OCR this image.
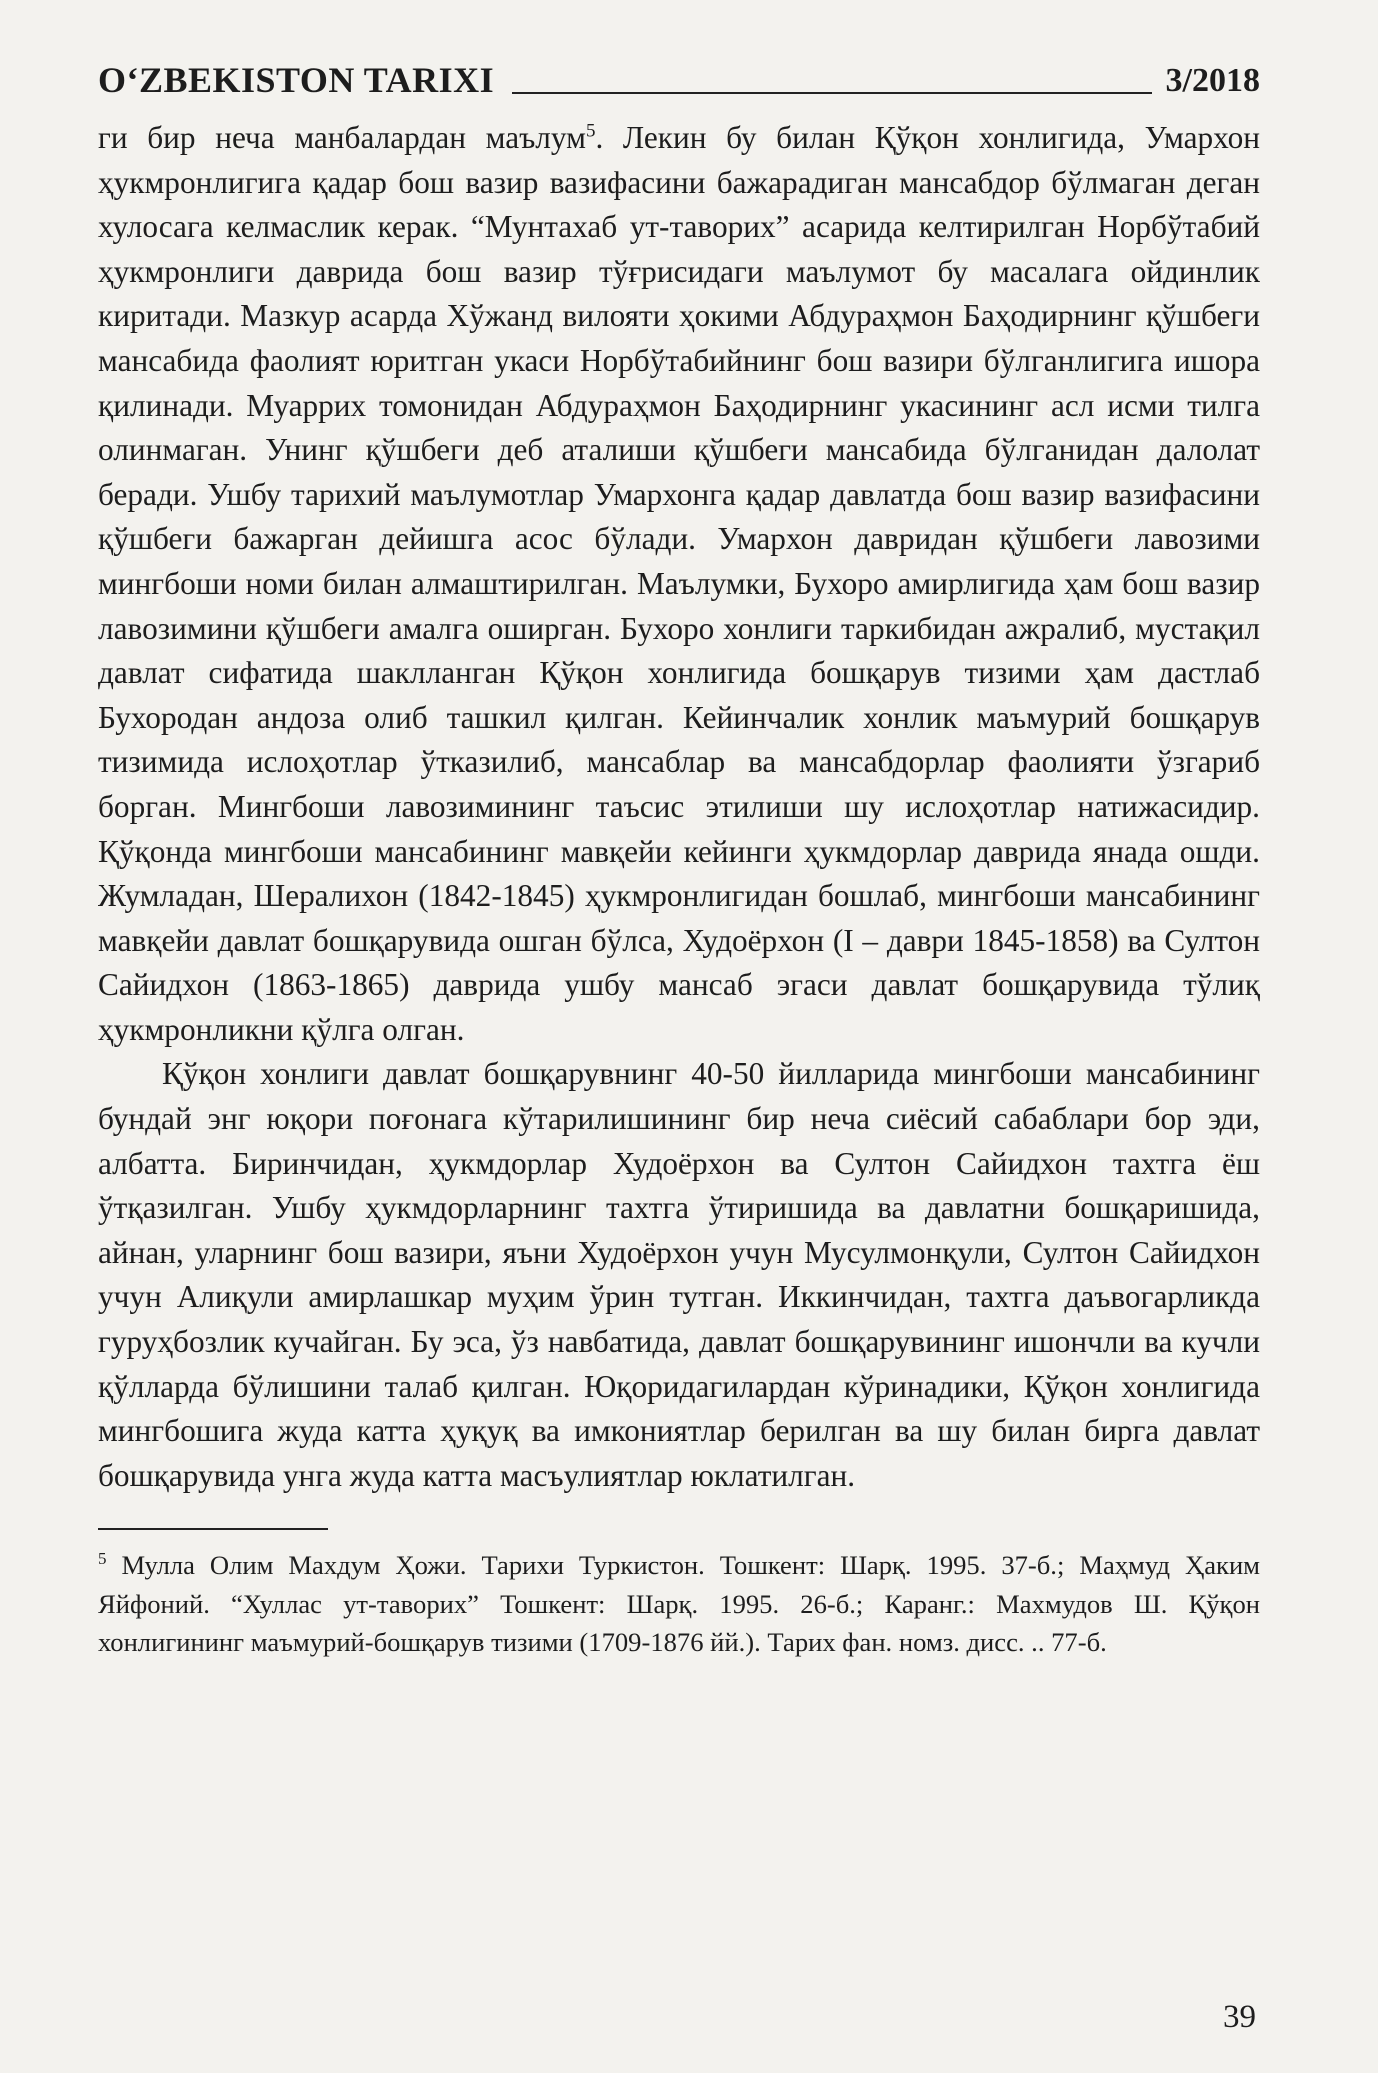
O‘ZBEKISTON TARIXI	3/2018

ги бир неча манбалардан маълум$^5$. Лекин бу билан Қўқон хонлигида, Умархон ҳукмронлигига қадар бош вазир вазифасини бажарадиган мансабдор бўлмаган деган хулосага келмаслик керак. “Мунтахаб ут-таворих” асарида келтирилган Норбўтабий ҳукмронлиги даврида бош вазир тўғрисидаги маълумот бу масалага ойдинлик киритади. Мазкур асарда Хўжанд вилояти ҳокими Абдураҳмон Баҳодирнинг қўшбеги мансабида фаолият юритган укаси Норбўтабийнинг бош вазири бўлганлигига ишора қилинади. Муаррих томонидан Абдураҳмон Баҳодирнинг укасининг асл исми тилга олинмаган. Унинг қўшбеги деб аталиши қўшбеги мансабида бўлганидан далолат беради. Ушбу тарихий маълумотлар Умархонга қадар давлатда бош вазир вазифасини қўшбеги бажарган дейишга асос бўлади. Умархон давридан қўшбеги лавозими мингбоши номи билан алмаштирилган. Маълумки, Бухоро амирлигида ҳам бош вазир лавозимини қўшбеги амалга оширган. Бухоро хонлиги таркибидан ажралиб, мустақил давлат сифатида шаклланган Қўқон хонлигида бошқарув тизими ҳам дастлаб Бухородан андоза олиб ташкил қилган. Кейинчалик хонлик маъмурий бошқарув тизимида ислоҳотлар ўтказилиб, мансаблар ва мансабдорлар фаолияти ўзгариб борган. Мингбоши лавозимининг таъсис этилиши шу ислоҳотлар натижасидир. Қўқонда мингбоши мансабининг мавқейи кейинги ҳукмдорлар даврида янада ошди. Жумладан, Шералихон (1842-1845) ҳукмронлигидан бошлаб, мингбоши мансабининг мавқейи давлат бошқарувида ошган бўлса, Худоёрхон (I – даври 1845-1858) ва Султон Сайидхон (1863-1865) даврида ушбу мансаб эгаси давлат бошқарувида тўлиқ ҳукмронликни қўлга олган.

Қўқон хонлиги давлат бошқарувнинг 40-50 йилларида мингбоши мансабининг бундай энг юқори поғонага кўтарилишининг бир неча сиёсий сабаблари бор эди, албатта. Биринчидан, ҳукмдорлар Худоёрхон ва Султон Сайидхон тахтга ёш ўтқазилган. Ушбу ҳукмдорларнинг тахтга ўтиришида ва давлатни бошқаришида, айнан, уларнинг бош вазири, яъни Худоёрхон учун Мусулмонқули, Султон Сайидхон учун Алиқули амирлашкар муҳим ўрин тутган. Иккинчидан, тахтга даъвогарликда гуруҳбозлик кучайган. Бу эса, ўз навбатида, давлат бошқарувининг ишончли ва кучли қўлларда бўлишини талаб қилган. Юқоридагилардан кўринадики, Қўқон хонлигида мингбошига жуда катта ҳуқуқ ва имкониятлар берилган ва шу билан бирга давлат бошқарувида унга жуда катта масъулиятлар юклатилган.

$^5$ Мулла Олим Махдум Ҳожи. Тарихи Туркистон. Тошкент: Шарқ. 1995. 37-б.; Маҳмуд Ҳаким Яйфоний. “Хуллас ут-таворих” Тошкент: Шарқ. 1995. 26-б.; Каранг.: Махмудов Ш. Қўқон хонлигининг маъмурий-бошқарув тизими (1709-1876 йй.). Тарих фан. номз. дисс. .. 77-б.
39
